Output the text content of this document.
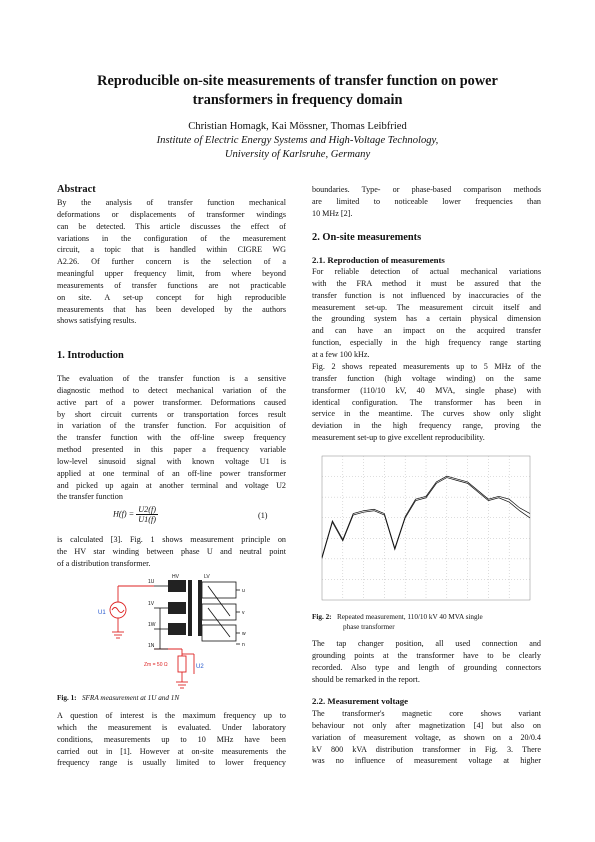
Reproducible on-site measurements of transfer function on power
transformers in frequency domain
Christian Homagk, Kai Mössner, Thomas Leibfried
Institute of Electric Energy Systems and High-Voltage Technology,
University of Karlsruhe, Germany
Abstract

By the analysis of transfer function mechanical

deformations or displacements of transformer windings

can be detected. This article discusses the effect of

variations in the configuration of the measurement

circuit, a topic that is handled within CIGRE WG

A2.26. Of further concern is the selection of a

meaningful upper frequency limit, from where beyond

measurements of transfer functions are not practicable

on site. A set-up concept for high reproducible

measurements that has been developed by the authors

shows satisfying results.

1. Introduction

The evaluation of the transfer function is a sensitive

diagnostic method to detect mechanical variation of the

active part of a power transformer. Deformations caused

by short circuit currents or transportation forces result

in variation of the transfer function. For acquisition of

the transfer function with the off-line sweep frequency

method presented in this paper a frequency variable

low-level sinusoid signal with known voltage U1 is

applied at one terminal of an off-line power transformer

and picked up again at another terminal and voltage U2

the transfer function

$H(f) = \frac{U2(f)}{U1(f)}$	(1)

is calculated [3]. Fig. 1 shows measurement principle on

the HV star winding between phase U and neutral point

of a distribution transformer.

1U
1V
1W
1N
HV	LV
u
v
w
n
U1
U2
Zm = 50 Ω
Fig. 1: SFRA measurement at 1U and 1N

A question of interest is the maximum frequency up to

which the measurement is evaluated. Under laboratory

conditions, measurements up to 10 MHz have been

carried out in [1]. However at on-site measurements the

frequency range is usually limited to lower frequency

boundaries. Type- or phase-based comparison methods

are limited to noticeable lower frequencies than

10 MHz [2].

2. On-site measurements
2.1. Reproduction of measurements

For reliable detection of actual mechanical variations

with the FRA method it must be assured that the

transfer function is not influenced by inaccuracies of the

measurement set-up. The measurement circuit itself and

the grounding system has a certain physical dimension

and can have an impact on the acquired transfer

function, especially in the high frequency range starting

at a few 100 kHz.

Fig. 2 shows repeated measurements up to 5 MHz of the

transfer function (high voltage winding) on the same

transformer (110/10 kV, 40 MVA, single phase) with

identical configuration. The transformer has been in

service in the meantime. The curves show only slight

deviation in the high frequency range, proving the

measurement set-up to give excellent reproducibility.

Fig. 2: Repeated measurement, 110/10 kV 40 MVA single
phase transformer

The tap changer position, all used connection and

grounding points at the transformer have to be clearly

recorded. Also type and length of grounding connectors

should be remarked in the report.

2.2. Measurement voltage

The transformer's magnetic core shows variant

behaviour not only after magnetization [4] but also on

variation of measurement voltage, as shown on a 20/0.4

kV 800 kVA distribution transformer in Fig. 3. There

was no influence of measurement voltage at higher
